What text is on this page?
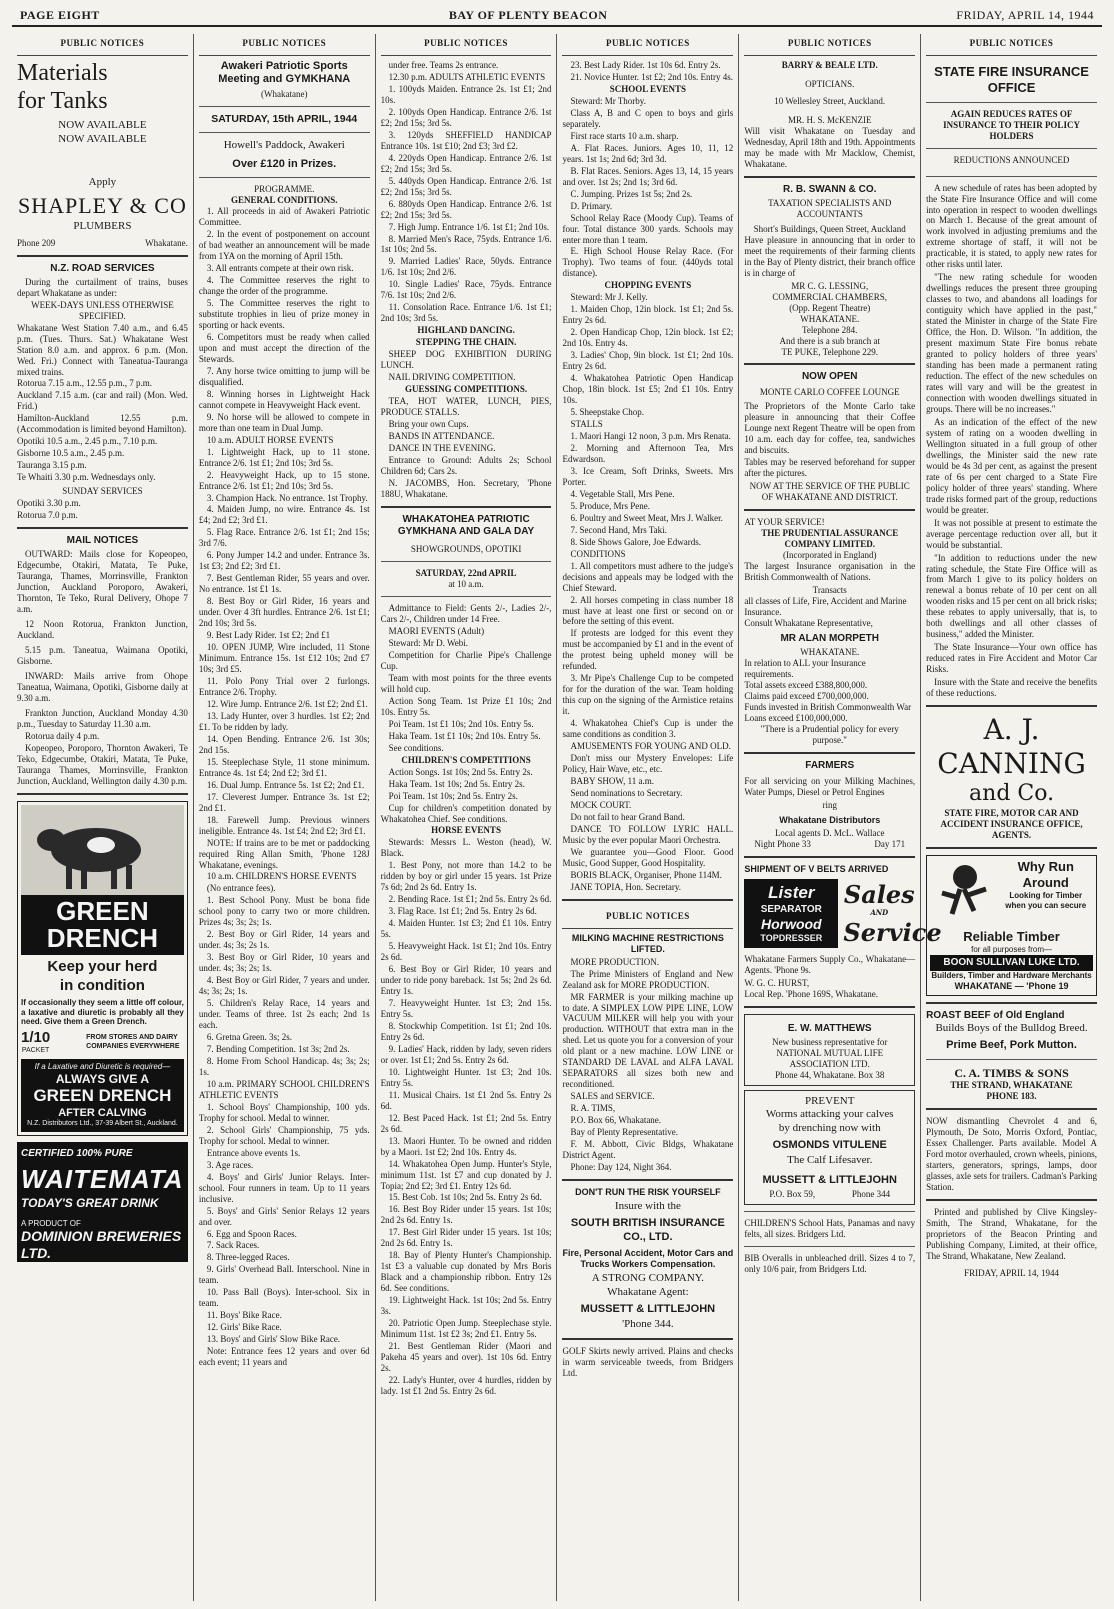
PAGE EIGHT	BAY OF PLENTY BEACON	FRIDAY, APRIL 14, 1944
PUBLIC NOTICES
Materials
for Tanks
NOW AVAILABLE
NOW AVAILABLE
Apply
SHAPLEY & CO
PLUMBERS
Phone 209	Whakatane.
N.Z. ROAD SERVICES

During the curtailment of trains, buses depart Whakatane as under:

WEEK-DAYS UNLESS OTHERWISE SPECIFIED.

Whakatane West Station 7.40 a.m., and 6.45 p.m. (Tues. Thurs. Sat.) Whakatane West Station 8.0 a.m. and approx. 6 p.m. (Mon. Wed. Fri.) Connect with Taneatua-Tauranga mixed trains.

Rotorua 7.15 a.m., 12.55 p.m., 7 p.m.

Auckland 7.15 a.m. (car and rail) (Mon. Wed. Frid.)

Hamilton-Auckland 12.55 p.m. (Accommodation is limited beyond Hamilton).

Opotiki 10.5 a.m., 2.45 p.m., 7.10 p.m.

Gisborne 10.5 a.m., 2.45 p.m.

Tauranga 3.15 p.m.

Te Whaiti 3.30 p.m. Wednesdays only.

SUNDAY SERVICES

Opotiki 3.30 p.m.

Rotorua 7.0 p.m.

MAIL NOTICES

OUTWARD: Mails close for Kopeopeo, Edgecumbe, Otakiri, Matata, Te Puke, Tauranga, Thames, Morrinsville, Frankton Junction, Auckland Poroporo, Awakeri, Thornton, Te Teko, Rural Delivery, Ohope 7 a.m.

12 Noon Rotorua, Frankton Junction, Auckland.

5.15 p.m. Taneatua, Waimana Opotiki, Gisborne.

INWARD: Mails arrive from Ohope Taneatua, Waimana, Opotiki, Gisborne daily at 9.30 a.m.

Frankton Junction, Auckland Monday 4.30 p.m., Tuesday to Saturday 11.30 a.m.

Rotorua daily 4 p.m.

Kopeopeo, Poroporo, Thornton Awakeri, Te Teko, Edgecumbe, Otakiri, Matata, Te Puke, Tauranga Thames, Morrinsville, Frankton Junction, Auckland, Wellington daily 4.30 p.m.

GREEN
DRENCH
Keep your herd
in condition

If occasionally they seem a little off colour, a laxative and diuretic is probably all they need. Give them a Green Drench.

1/10
PACKET
FROM STORES AND DAIRY COMPANIES EVERYWHERE
If a Laxative and Diuretic is required—
ALWAYS GIVE A
GREEN DRENCH
AFTER CALVING
N.Z. Distributors Ltd., 37-39 Albert St., Auckland.
CERTIFIED 100% PURE
WAITEMATA
TODAY'S GREAT DRINK
A PRODUCT OF
DOMINION BREWERIES LTD.
PUBLIC NOTICES
Awakeri Patriotic Sports Meeting and GYMKHANA
(Whakatane)
SATURDAY, 15th APRIL, 1944
Howell's Paddock, Awakeri
Over £120 in Prizes.
PROGRAMME.
GENERAL CONDITIONS.

1. All proceeds in aid of Awakeri Patriotic Committee.

2. In the event of postponement on account of bad weather an announcement will be made from 1YA on the morning of April 15th.

3. All entrants compete at their own risk.

4. The Committee reserves the right to change the order of the programme.

5. The Committee reserves the right to substitute trophies in lieu of prize money in sporting or hack events.

6. Competitors must be ready when called upon and must accept the direction of the Stewards.

7. Any horse twice omitting to jump will be disqualified.

8. Winning horses in Lightweight Hack cannot compete in Heavyweight Hack event.

9. No horse will be allowed to compete in more than one team in Dual Jump.

10 a.m. ADULT HORSE EVENTS

1. Lightweight Hack, up to 11 stone. Entrance 2/6. 1st £1; 2nd 10s; 3rd 5s.

2. Heavyweight Hack, up to 15 stone. Entrance 2/6. 1st £1; 2nd 10s; 3rd 5s.

3. Champion Hack. No entrance. 1st Trophy.

4. Maiden Jump, no wire. Entrance 4s. 1st £4; 2nd £2; 3rd £1.

5. Flag Race. Entrance 2/6. 1st £1; 2nd 15s; 3rd 7/6.

6. Pony Jumper 14.2 and under. Entrance 3s. 1st £3; 2nd £2; 3rd £1.

7. Best Gentleman Rider, 55 years and over. No entrance. 1st £1 1s.

8. Best Boy or Girl Rider, 16 years and under. Over 4 3ft hurdles. Entrance 2/6. 1st £1; 2nd 10s; 3rd 5s.

9. Best Lady Rider. 1st £2; 2nd £1

10. OPEN JUMP, Wire included, 11 Stone Minimum. Entrance 15s. 1st £12 10s; 2nd £7 10s; 3rd £5.

11. Polo Pony Trial over 2 furlongs. Entrance 2/6. Trophy.

12. Wire Jump. Entrance 2/6. 1st £2; 2nd £1.

13. Lady Hunter, over 3 hurdles. 1st £2; 2nd £1. To be ridden by lady.

14. Open Bending. Entrance 2/6. 1st 30s; 2nd 15s.

15. Steeplechase Style, 11 stone minimum. Entrance 4s. 1st £4; 2nd £2; 3rd £1.

16. Dual Jump. Entrance 5s. 1st £2; 2nd £1.

17. Cleverest Jumper. Entrance 3s. 1st £2; 2nd £1.

18. Farewell Jump. Previous winners ineligible. Entrance 4s. 1st £4; 2nd £2; 3rd £1.

NOTE: If trains are to be met or paddocking required Ring Allan Smith, 'Phone 128J Whakatane, evenings.

10 a.m. CHILDREN'S HORSE EVENTS

(No entrance fees).

1. Best School Pony. Must be bona fide school pony to carry two or more children. Prizes 4s; 3s; 2s; 1s.

2. Best Boy or Girl Rider, 14 years and under. 4s; 3s; 2s 1s.

3. Best Boy or Girl Rider, 10 years and under. 4s; 3s; 2s; 1s.

4. Best Boy or Girl Rider, 7 years and under. 4s; 3s; 2s; 1s.

5. Children's Relay Race, 14 years and under. Teams of three. 1st 2s each; 2nd 1s each.

6. Gretna Green. 3s; 2s.

7. Bending Competition. 1st 3s; 2nd 2s.

8. Home From School Handicap. 4s; 3s; 2s; 1s.

10 a.m. PRIMARY SCHOOL CHILDREN'S ATHLETIC EVENTS

1. School Boys' Championship, 100 yds. Trophy for school. Medal to winner.

2. School Girls' Championship, 75 yds. Trophy for school. Medal to winner.

Entrance above events 1s.

3. Age races.

4. Boys' and Girls' Junior Relays. Inter-school. Four runners in team. Up to 11 years inclusive.

5. Boys' and Girls' Senior Relays 12 years and over.

6. Egg and Spoon Races.

7. Sack Races.

8. Three-legged Races.

9. Girls' Overhead Ball. Interschool. Nine in team.

10. Pass Ball (Boys). Inter-school. Six in team.

11. Boys' Bike Race.

12. Girls' Bike Race.

13. Boys' and Girls' Slow Bike Race.

Note: Entrance fees 12 years and over 6d each event; 11 years and

PUBLIC NOTICES

under free. Teams 2s entrance.

12.30 p.m. ADULTS ATHLETIC EVENTS

1. 100yds Maiden. Entrance 2s. 1st £1; 2nd 10s.

2. 100yds Open Handicap. Entrance 2/6. 1st £2; 2nd 15s; 3rd 5s.

3. 120yds SHEFFIELD HANDICAP Entrance 10s. 1st £10; 2nd £3; 3rd £2.

4. 220yds Open Handicap. Entrance 2/6. 1st £2; 2nd 15s; 3rd 5s.

5. 440yds Open Handicap. Entrance 2/6. 1st £2; 2nd 15s; 3rd 5s.

6. 880yds Open Handicap. Entrance 2/6. 1st £2; 2nd 15s; 3rd 5s.

7. High Jump. Entrance 1/6. 1st £1; 2nd 10s.

8. Married Men's Race, 75yds. Entrance 1/6. 1st 10s; 2nd 5s.

9. Married Ladies' Race, 50yds. Entrance 1/6. 1st 10s; 2nd 2/6.

10. Single Ladies' Race, 75yds. Entrance 7/6. 1st 10s; 2nd 2/6.

11. Consolation Race. Entrance 1/6. 1st £1; 2nd 10s; 3rd 5s.

HIGHLAND DANCING.

STEPPING THE CHAIN.

SHEEP DOG EXHIBITION DURING LUNCH.

NAIL DRIVING COMPETITION.

GUESSING COMPETITIONS.

TEA, HOT WATER, LUNCH, PIES, PRODUCE STALLS.

Bring your own Cups.

BANDS IN ATTENDANCE.

DANCE IN THE EVENING.

Entrance to Ground: Adults 2s; School Children 6d; Cars 2s.

N. JACOMBS, Hon. Secretary, 'Phone 188U, Whakatane.

WHAKATOHEA PATRIOTIC GYMKHANA AND GALA DAY
SHOWGROUNDS, OPOTIKI
SATURDAY, 22nd APRIL
at 10 a.m.

Admittance to Field: Gents 2/-, Ladies 2/-, Cars 2/-, Children under 14 Free.

MAORI EVENTS (Adult)

Steward: Mr D. Webi.

Competition for Charlie Pipe's Challenge Cup.

Team with most points for the three events will hold cup.

Action Song Team. 1st Prize £1 10s; 2nd 10s. Entry 5s.

Poi Team. 1st £1 10s; 2nd 10s. Entry 5s.

Haka Team. 1st £1 10s; 2nd 10s. Entry 5s.

See conditions.

CHILDREN'S COMPETITIONS

Action Songs. 1st 10s; 2nd 5s. Entry 2s.

Haka Team. 1st 10s; 2nd 5s. Entry 2s.

Poi Team. 1st 10s; 2nd 5s. Entry 2s.

Cup for children's competition donated by Whakatohea Chief. See conditions.

HORSE EVENTS

Stewards: Messrs L. Weston (head), W. Black.

1. Best Pony, not more than 14.2 to be ridden by boy or girl under 15 years. 1st Prize 7s 6d; 2nd 2s 6d. Entry 1s.

2. Bending Race. 1st £1; 2nd 5s. Entry 2s 6d.

3. Flag Race. 1st £1; 2nd 5s. Entry 2s 6d.

4. Maiden Hunter. 1st £3; 2nd £1 10s. Entry 5s.

5. Heavyweight Hack. 1st £1; 2nd 10s. Entry 2s 6d.

6. Best Boy or Girl Rider, 10 years and under to ride pony bareback. 1st 5s; 2nd 2s 6d. Entry 1s.

7. Heavyweight Hunter. 1st £3; 2nd 15s. Entry 5s.

8. Stockwhip Competition. 1st £1; 2nd 10s. Entry 2s 6d.

9. Ladies' Hack, ridden by lady, seven riders or over. 1st £1; 2nd 5s. Entry 2s 6d.

10. Lightweight Hunter. 1st £3; 2nd 10s. Entry 5s.

11. Musical Chairs. 1st £1 2nd 5s. Entry 2s 6d.

12. Best Paced Hack. 1st £1; 2nd 5s. Entry 2s 6d.

13. Maori Hunter. To be owned and ridden by a Maori. 1st £2; 2nd 10s. Entry 4s.

14. Whakatohea Open Jump. Hunter's Style, minimum 11st. 1st £7 and cup donated by J. Topia; 2nd £2; 3rd £1. Entry 12s 6d.

15. Best Cob. 1st 10s; 2nd 5s. Entry 2s 6d.

16. Best Boy Rider under 15 years. 1st 10s; 2nd 2s 6d. Entry 1s.

17. Best Girl Rider under 15 years. 1st 10s; 2nd 2s 6d. Entry 1s.

18. Bay of Plenty Hunter's Championship. 1st £3 a valuable cup donated by Mrs Boris Black and a championship ribbon. Entry 12s 6d. See conditions.

19. Lightweight Hack. 1st 10s; 2nd 5s. Entry 3s.

20. Patriotic Open Jump. Steeplechase style. Minimum 11st. 1st £2 3s; 2nd £1. Entry 5s.

21. Best Gentleman Rider (Maori and Pakeha 45 years and over). 1st 10s 6d. Entry 2s.

22. Lady's Hunter, over 4 hurdles, ridden by lady. 1st £1 2nd 5s. Entry 2s 6d.

PUBLIC NOTICES

23. Best Lady Rider. 1st 10s 6d. Entry 2s.

21. Novice Hunter. 1st £2; 2nd 10s. Entry 4s.

SCHOOL EVENTS

Steward: Mr Thorby.

Class A, B and C open to boys and girls separately.

First race starts 10 a.m. sharp.

A. Flat Races. Juniors. Ages 10, 11, 12 years. 1st 1s; 2nd 6d; 3rd 3d.

B. Flat Races. Seniors. Ages 13, 14, 15 years and over. 1st 2s; 2nd 1s; 3rd 6d.

C. Jumping. Prizes 1st 5s; 2nd 2s.

D. Primary.

School Relay Race (Moody Cup). Teams of four. Total distance 300 yards. Schools may enter more than 1 team.

E. High School House Relay Race. (For Trophy). Two teams of four. (440yds total distance).

CHOPPING EVENTS

Steward: Mr J. Kelly.

1. Maiden Chop, 12in block. 1st £1; 2nd 5s. Entry 2s 6d.

2. Open Handicap Chop, 12in block. 1st £2; 2nd 10s. Entry 4s.

3. Ladies' Chop, 9in block. 1st £1; 2nd 10s. Entry 2s 6d.

4. Whakatohea Patriotic Open Handicap Chop, 18in block. 1st £5; 2nd £1 10s. Entry 10s.

5. Sheepstake Chop.

STALLS

1. Maori Hangi 12 noon, 3 p.m. Mrs Renata.

2. Morning and Afternoon Tea, Mrs Edwardson.

3. Ice Cream, Soft Drinks, Sweets. Mrs Porter.

4. Vegetable Stall, Mrs Pene.

5. Produce, Mrs Pene.

6. Poultry and Sweet Meat, Mrs J. Walker.

7. Second Hand, Mrs Taki.

8. Side Shows Galore, Joe Edwards.

CONDITIONS

1. All competitors must adhere to the judge's decisions and appeals may be lodged with the Chief Steward.

2. All horses competing in class number 18 must have at least one first or second on or before the setting of this event.

If protests are lodged for this event they must be accompanied by £1 and in the event of the protest being upheld money will be refunded.

3. Mr Pipe's Challenge Cup to be competed for for the duration of the war. Team holding this cup on the signing of the Armistice retains it.

4. Whakatohea Chief's Cup is under the same conditions as condition 3.

AMUSEMENTS FOR YOUNG AND OLD.

Don't miss our Mystery Envelopes: Life Policy, Hair Wave, etc., etc.

BABY SHOW, 11 a.m.

Send nominations to Secretary.

MOCK COURT.

Do not fail to hear Grand Band.

DANCE TO FOLLOW LYRIC HALL. Music by the ever popular Maori Orchestra.

We guarantee you—Good Floor. Good Music, Good Supper, Good Hospitality.

BORIS BLACK, Organiser, Phone 114M.

JANE TOPIA, Hon. Secretary.

PUBLIC NOTICES
MILKING MACHINE RESTRICTIONS LIFTED.

MORE PRODUCTION.

The Prime Ministers of England and New Zealand ask for MORE PRODUCTION.

MR FARMER is your milking machine up to date. A SIMPLEX LOW PIPE LINE, LOW VACUUM MILKER will help you with your production. WITHOUT that extra man in the shed. Let us quote you for a conversion of your old plant or a new machine. LOW LINE or STANDARD DE LAVAL and ALFA LAVAL SEPARATORS all sizes both new and reconditioned.

SALES and SERVICE.

R. A. TIMS,

P.O. Box 66, Whakatane.

Bay of Plenty Representative.

F. M. Abbott, Civic Bldgs, Whakatane District Agent.

Phone: Day 124, Night 364.

DON'T RUN THE RISK YOURSELF
Insure with the
SOUTH BRITISH INSURANCE CO., LTD.
Fire, Personal Accident, Motor Cars and Trucks Workers Compensation.
A STRONG COMPANY.
Whakatane Agent:
MUSSETT & LITTLEJOHN
'Phone 344.

GOLF Skirts newly arrived. Plains and checks in warm serviceable tweeds, from Bridgers Ltd.

PUBLIC NOTICES
BARRY & BEALE LTD.
OPTICIANS.
10 Wellesley Street, Auckland.
MR. H. S. McKENZIE

Will visit Whakatane on Tuesday and Wednesday, April 18th and 19th. Appointments may be made with Mr Macklow, Chemist, Whakatane.

R. B. SWANN & CO.
TAXATION SPECIALISTS AND ACCOUNTANTS
Short's Buildings, Queen Street, Auckland

Have pleasure in announcing that in order to meet the requirements of their farming clients in the Bay of Plenty district, their branch office is in charge of

MR C. G. LESSING,
COMMERCIAL CHAMBERS,
(Opp. Regent Theatre)
WHAKATANE.
Telephone 284.
And there is a sub branch at
TE PUKE, Telephone 229.
NOW OPEN
MONTE CARLO COFFEE LOUNGE

The Proprietors of the Monte Carlo take pleasure in announcing that their Coffee Lounge next Regent Theatre will be open from 10 a.m. each day for coffee, tea, sandwiches and biscuits.

Tables may be reserved beforehand for supper after the pictures.

NOW AT THE SERVICE OF THE PUBLIC OF WHAKATANE AND DISTRICT.
AT YOUR SERVICE!
THE PRUDENTIAL ASSURANCE COMPANY LIMITED.
(Incorporated in England)

The largest Insurance organisation in the British Commonwealth of Nations.

Transacts
all classes of Life, Fire, Accident and Marine Insurance.
Consult Whakatane Representative,
MR ALAN MORPETH
WHAKATANE.
In relation to ALL your Insurance requirements.
Total assets exceed £388,800,000.
Claims paid exceed £700,000,000.
Funds invested in British Commonwealth War Loans exceed £100,000,000.
"There is a Prudential policy for every purpose."
FARMERS

For all servicing on your Milking Machines, Water Pumps, Diesel or Petrol Engines

ring
Whakatane Distributors
Local agents D. McL. Wallace
Night Phone 33	Day 171
SHIPMENT OF V BELTS ARRIVED
Lister
SEPARATOR
Horwood
TOPDRESSER
Sales
AND
Service

Whakatane Farmers Supply Co., Whakatane—Agents. 'Phone 9s.

W. G. C. HURST,
Local Rep. 'Phone 169S, Whakatane.
E. W. MATTHEWS
New business representative for NATIONAL MUTUAL LIFE ASSOCIATION LTD.
Phone 44, Whakatane. Box 38
PREVENT
Worms attacking your calves
by drenching now with
OSMONDS VITULENE
The Calf Lifesaver.
MUSSETT & LITTLEJOHN
P.O. Box 59,	Phone 344

CHILDREN'S School Hats, Panamas and navy felts, all sizes. Bridgers Ltd.

BIB Overalls in unbleached drill. Sizes 4 to 7, only 10/6 pair, from Bridgers Ltd.

PUBLIC NOTICES
STATE FIRE INSURANCE OFFICE
AGAIN REDUCES RATES OF INSURANCE TO THEIR POLICY HOLDERS
REDUCTIONS ANNOUNCED

A new schedule of rates has been adopted by the State Fire Insurance Office and will come into operation in respect to wooden dwellings on March 1. Because of the great amount of work involved in adjusting premiums and the extreme shortage of staff, it will not be practicable, it is stated, to apply new rates for other risks until later.

"The new rating schedule for wooden dwellings reduces the present three grouping classes to two, and abandons all loadings for contiguity which have applied in the past," stated the Minister in charge of the State Fire Office, the Hon. D. Wilson. "In addition, the present maximum State Fire bonus rebate granted to policy holders of three years' standing has been made a permanent rating reduction. The effect of the new schedules on rates will vary and will be the greatest in connection with wooden dwellings situated in groups. There will be no increases."

As an indication of the effect of the new system of rating on a wooden dwelling in Wellington situated in a full group of other dwellings, the Minister said the new rate would be 4s 3d per cent, as against the present rate of 6s per cent charged to a State Fire policy holder of three years' standing. Where trade risks formed part of the group, reductions would be greater.

It was not possible at present to estimate the average percentage reduction over all, but it would be substantial.

"In addition to reductions under the new rating schedule, the State Fire Office will as from March 1 give to its policy holders on renewal a bonus rebate of 10 per cent on all wooden risks and 15 per cent on all brick risks; these rebates to apply universally, that is, to both dwellings and all other classes of business," added the Minister.

The State Insurance—Your own office has reduced rates in Fire Accident and Motor Car Risks.

Insure with the State and receive the benefits of these reductions.

A. J. CANNING
and Co.
STATE FIRE, MOTOR CAR AND ACCIDENT INSURANCE OFFICE, AGENTS.
Why Run Around
Looking for Timber when you can secure
Reliable Timber
for all purposes from—
BOON SULLIVAN LUKE LTD.
Builders, Timber and Hardware Merchants
WHAKATANE — 'Phone 19
ROAST BEEF of Old England
Builds Boys of the Bulldog Breed.
Prime Beef, Pork Mutton.
C. A. TIMBS & SONS
THE STRAND, WHAKATANE
PHONE 183.

NOW dismantling Chevrolet 4 and 6, Plymouth, De Soto, Morris Oxford, Pontiac, Essex Challenger. Parts available. Model A Ford motor overhauled, crown wheels, pinions, starters, generators, springs, lamps, door glasses, axle sets for trailers. Cadman's Parking Station.

Printed and published by Clive Kingsley-Smith, The Strand, Whakatane, for the proprietors of the Beacon Printing and Publishing Company, Limited, at their office, The Strand, Whakatane, New Zealand.

FRIDAY, APRIL 14, 1944
